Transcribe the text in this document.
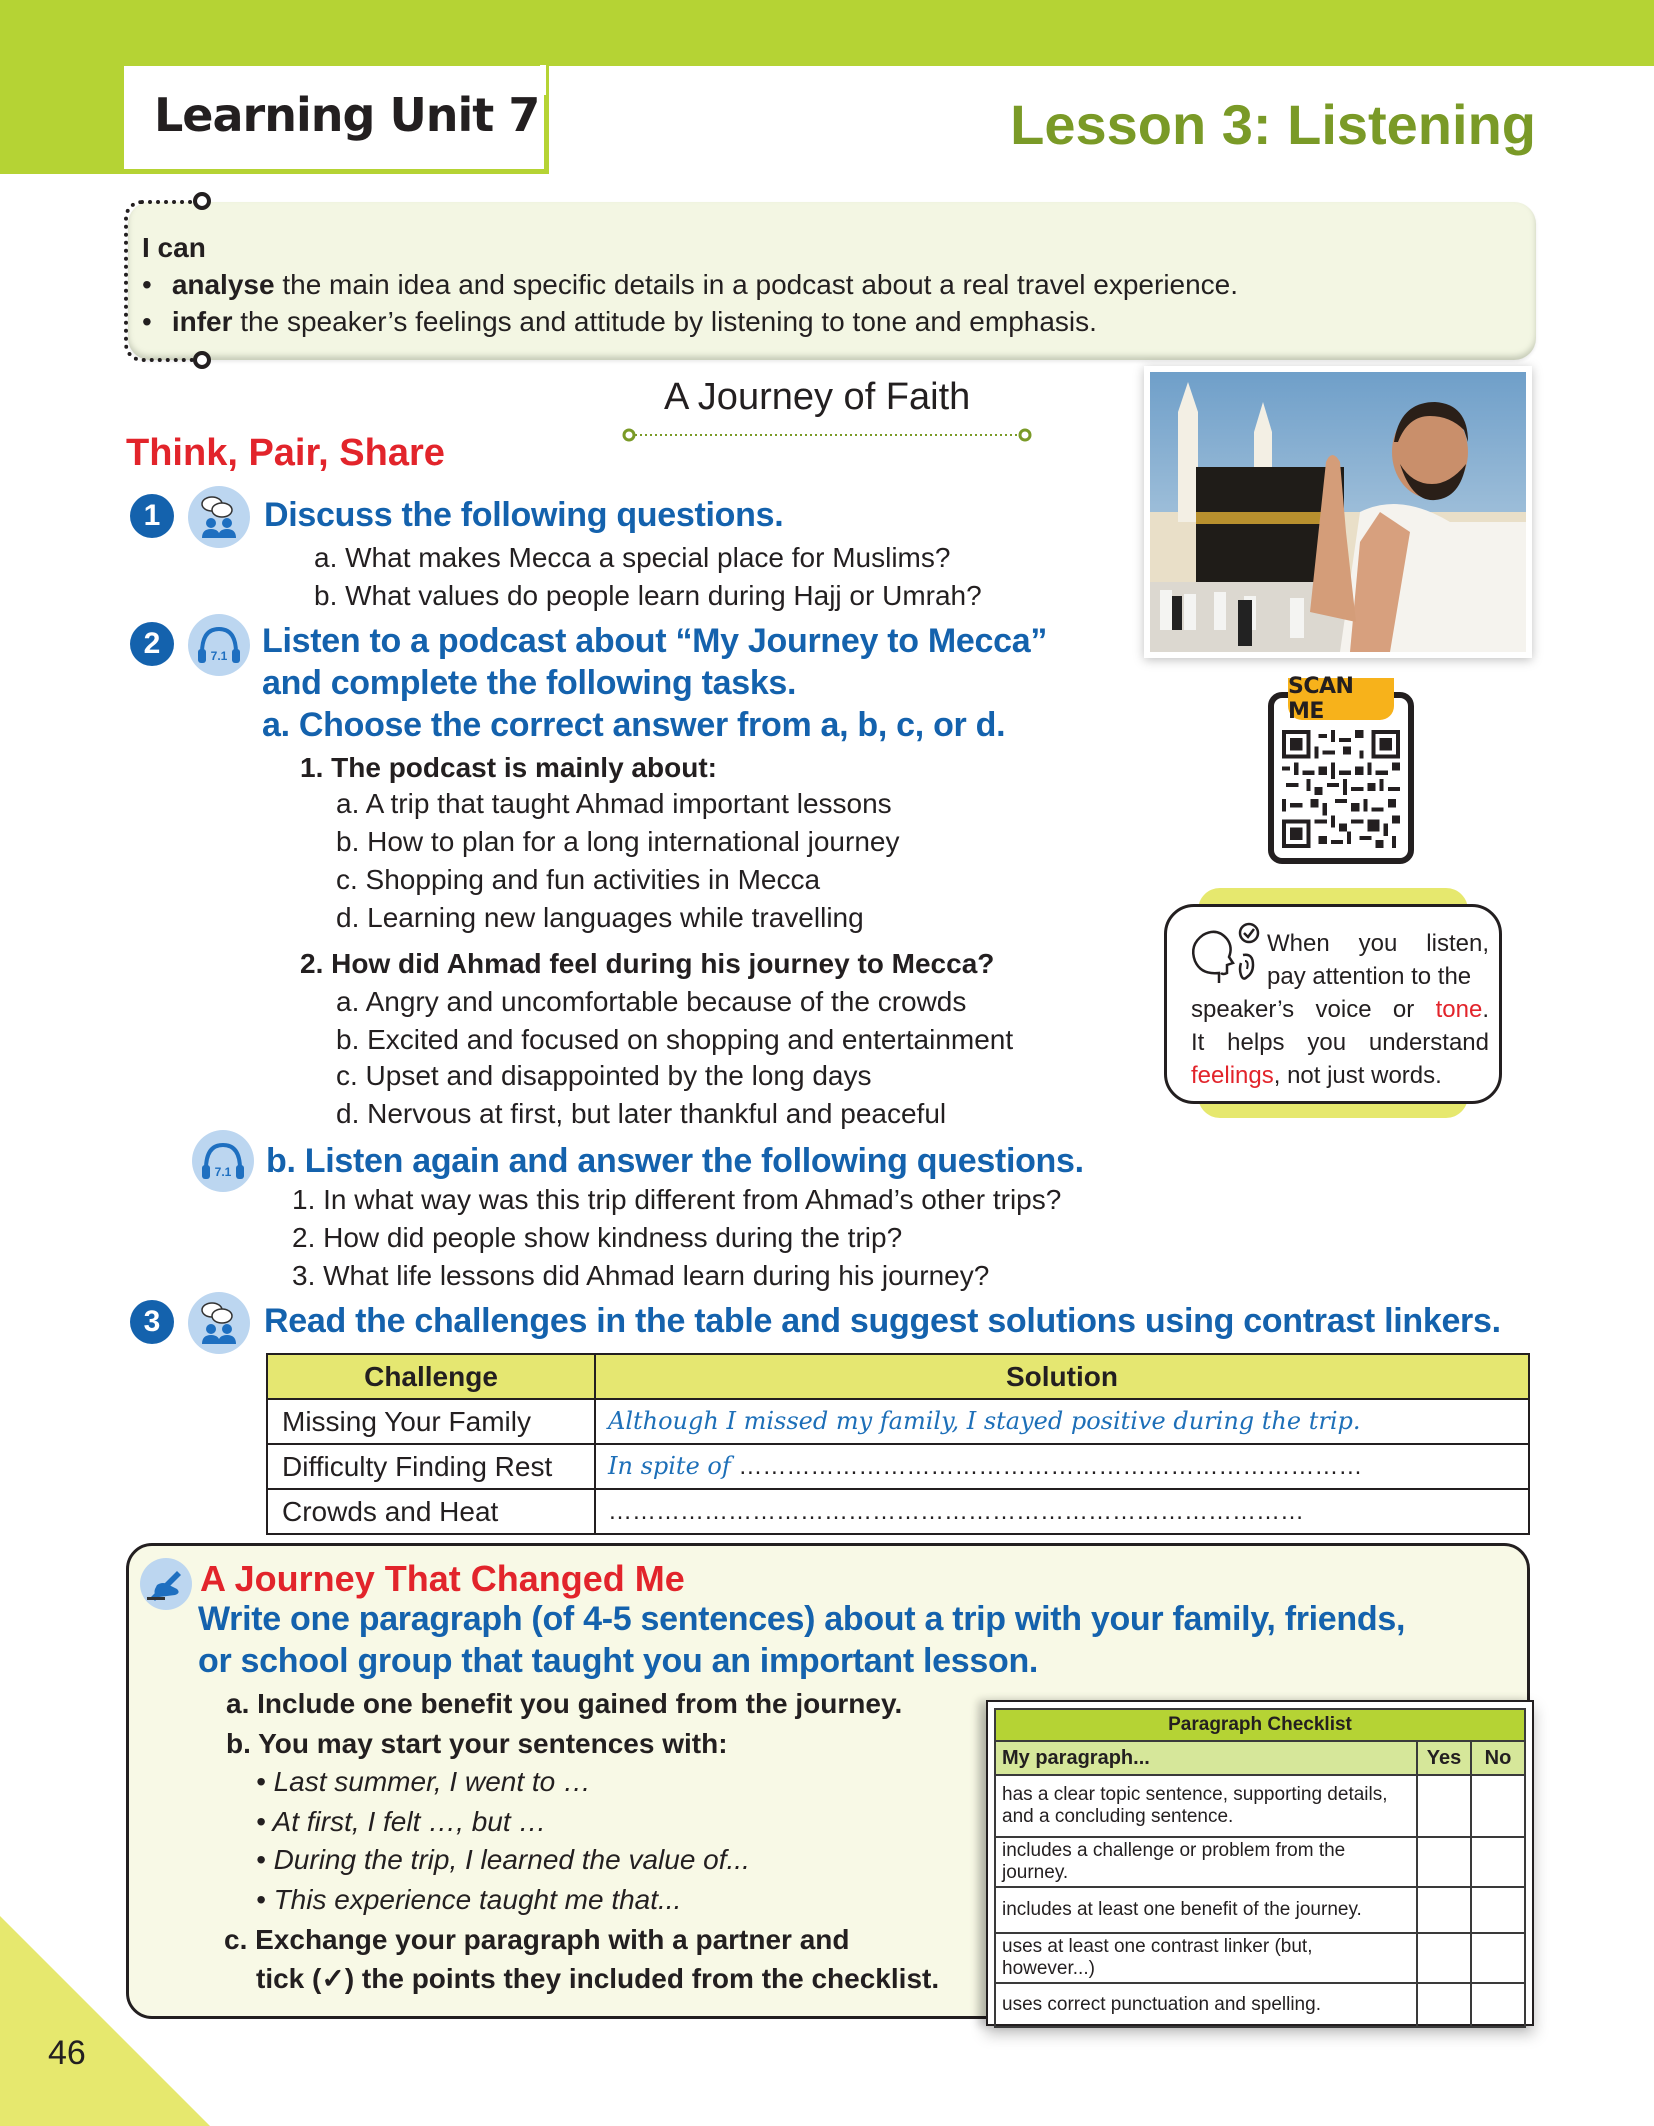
Learning Unit 7	Lesson 3: Listening
I can
• analyse the main idea and specific details in a podcast about a real travel experience.
• infer the speaker’s feelings and attitude by listening to tone and emphasis.
A Journey of Faith
Think, Pair, Share
1	Discuss the following questions.
a. What makes Mecca a special place for Muslims?
b. What values do people learn during Hajj or Umrah?
2	7.1 Listen to a podcast about “My Journey to Mecca”
and complete the following tasks.
a. Choose the correct answer from a, b, c, or d.
1. The podcast is mainly about:
a. A trip that taught Ahmad important lessons
b. How to plan for a long international journey
c. Shopping and fun activities in Mecca
d. Learning new languages while travelling
2. How did Ahmad feel during his journey to Mecca?
a. Angry and uncomfortable because of the crowds
b. Excited and focused on shopping and entertainment
c. Upset and disappointed by the long days
d. Nervous at first, but later thankful and peaceful
7.1 b. Listen again and answer the following questions.
1. In what way was this trip different from Ahmad’s other trips?
2. How did people show kindness during the trip?
3. What life lessons did Ahmad learn during his journey?
SCAN ME
When you listen,
pay attention to the
speaker’s voice or tone.
It helps you understand
feelings, not just words.
3	Read the challenges in the table and suggest solutions using contrast linkers.
Challenge	Solution
Missing Your Family	Although I missed my family, I stayed positive during the trip.
Difficulty Finding Rest	In spite of ……………………………………………………………………
Crowds and Heat	……………………………………………………………………………
A Journey That Changed Me
Write one paragraph (of 4-5 sentences) about a trip with your family, friends,
or school group that taught you an important lesson.
a. Include one benefit you gained from the journey.
b. You may start your sentences with:
• Last summer, I went to …
• At first, I felt …, but …
• During the trip, I learned the value of...
• This experience taught me that...
c. Exchange your paragraph with a partner and
tick (✓) the points they included from the checklist.
Paragraph Checklist		
My paragraph...	Yes	No
has a clear topic sentence, supporting details, and a concluding sentence.		
includes a challenge or problem from the journey.		
includes at least one benefit of the journey.		
uses at least one contrast linker (but, however...)		
uses correct punctuation and spelling.		
46
